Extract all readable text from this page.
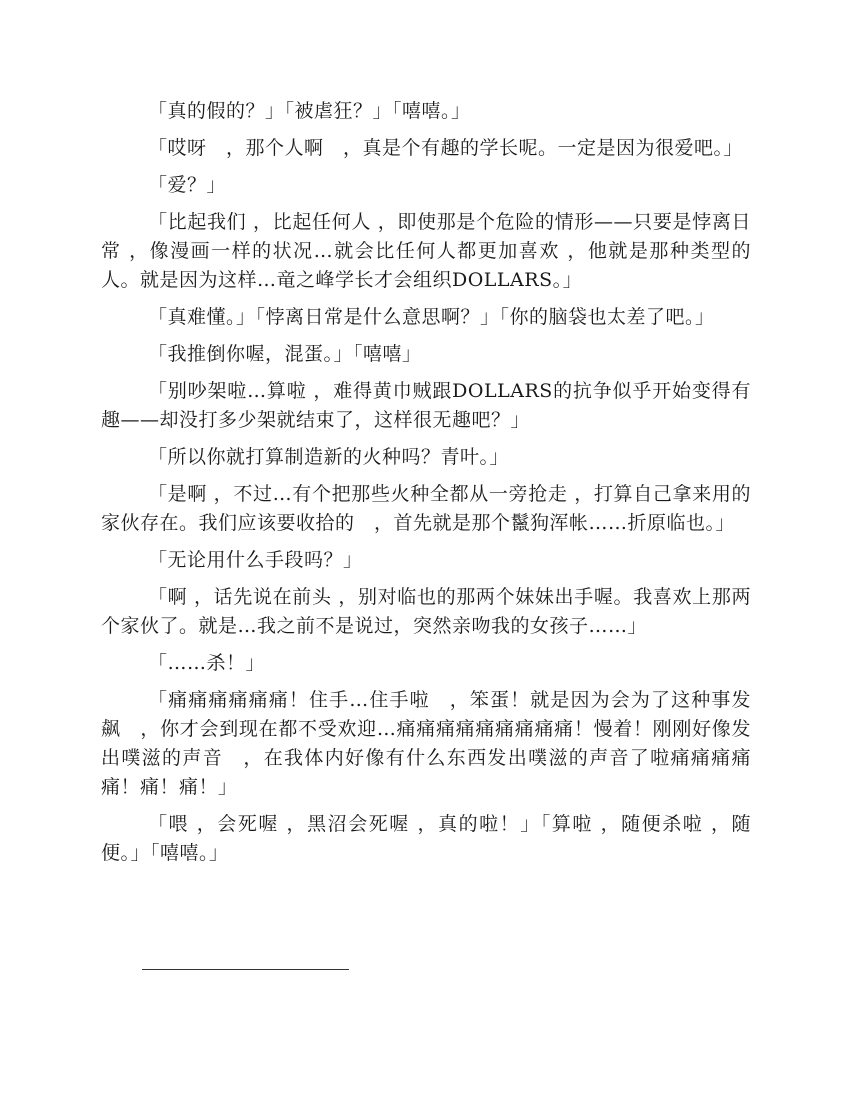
「真的假的？」「被虐狂？」「嘻嘻。」

「哎呀　，那个人啊　，真是个有趣的学长呢。一定是因为很爱吧。」

「爱？」

「比起我们 ，比起任何人 ，即使那是个危险的情形——只要是悖离日常 ，像漫画一样的状况…就会比任何人都更加喜欢 ，他就是那种类型的人。就是因为这样…竜之峰学长才会组织DOLLARS。」

「真难懂。」「悖离日常是什么意思啊？」「你的脑袋也太差了吧。」

「我推倒你喔，混蛋。」「嘻嘻」

「别吵架啦…算啦 ，难得黄巾贼跟DOLLARS的抗争似乎开始变得有趣——却没打多少架就结束了，这样很无趣吧？」

「所以你就打算制造新的火种吗？青叶。」

「是啊 ，不过…有个把那些火种全都从一旁抢走 ，打算自己拿来用的家伙存在。我们应该要收拾的　，首先就是那个鬣狗浑帐……折原临也。」

「无论用什么手段吗？」

「啊 ，话先说在前头 ，别对临也的那两个妹妹出手喔。我喜欢上那两个家伙了。就是…我之前不是说过，突然亲吻我的女孩子……」

「……杀！」

「痛痛痛痛痛痛！住手…住手啦　，笨蛋！就是因为会为了这种事发飙　，你才会到现在都不受欢迎…痛痛痛痛痛痛痛痛痛！慢着！刚刚好像发出噗滋的声音　，在我体内好像有什么东西发出噗滋的声音了啦痛痛痛痛痛！痛！痛！」

「喂 ，会死喔 ，黑沼会死喔 ，真的啦！」「算啦 ，随便杀啦 ，随便。」「嘻嘻。」
